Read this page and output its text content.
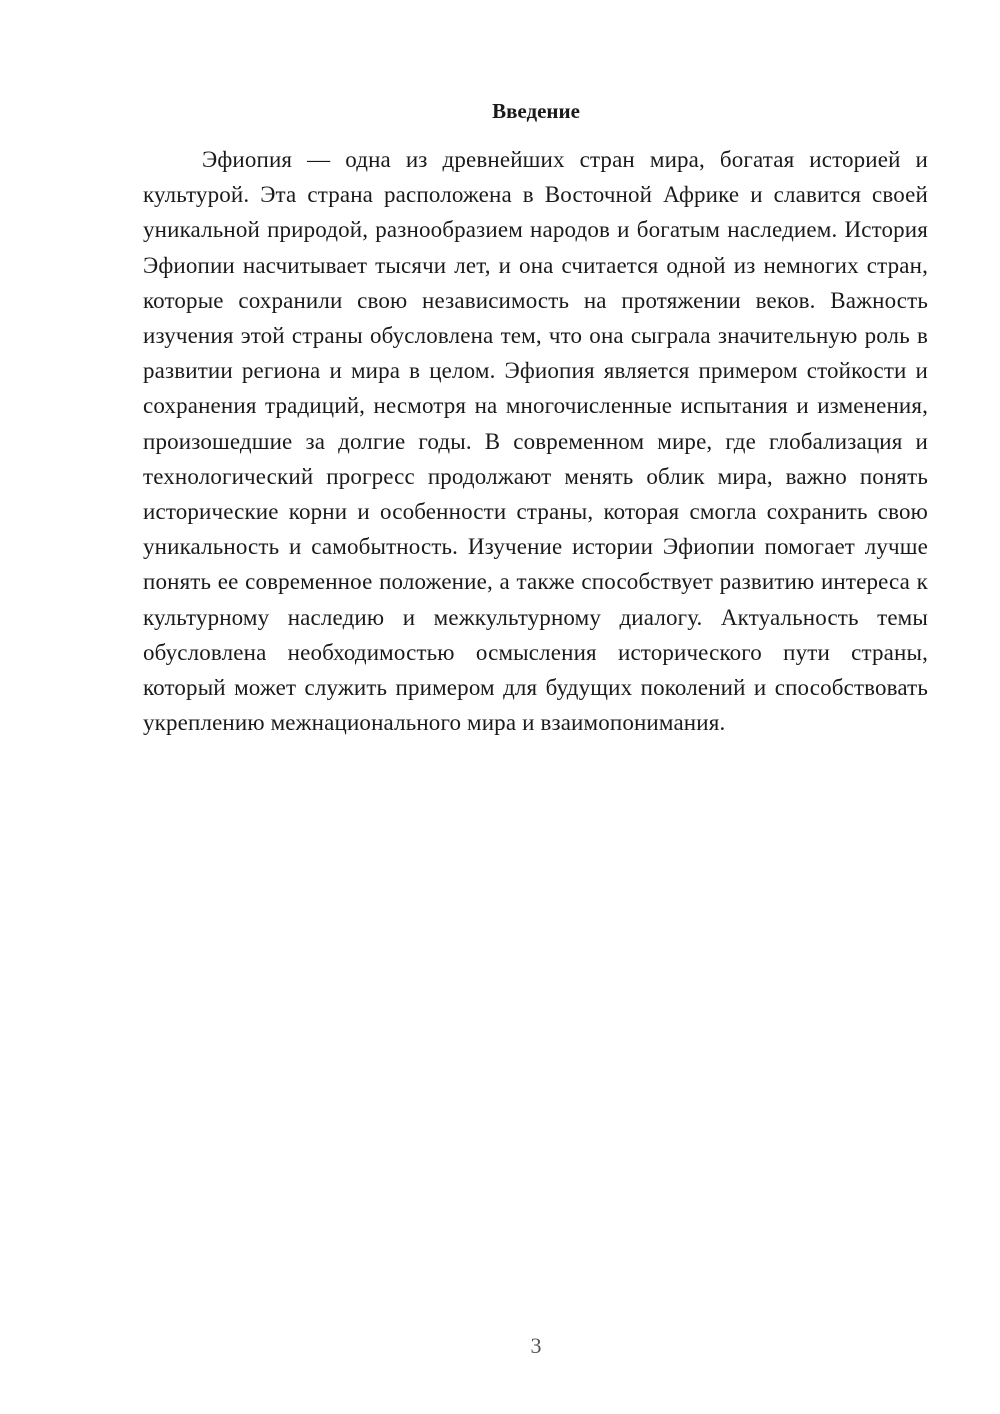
Введение

Эфиопия — одна из древнейших стран мира, богатая историей и культурой. Эта страна расположена в Восточной Африке и славится своей уникальной природой, разнообразием народов и богатым наследием. История Эфиопии насчитывает тысячи лет, и она считается одной из немногих стран, которые сохранили свою независимость на протяжении веков. Важность изучения этой страны обусловлена тем, что она сыграла значительную роль в развитии региона и мира в целом. Эфиопия является примером стойкости и сохранения традиций, несмотря на многочисленные испытания и изменения, произошедшие за долгие годы. В современном мире, где глобализация и технологический прогресс продолжают менять облик мира, важно понять исторические корни и особенности страны, которая смогла сохранить свою уникальность и самобытность. Изучение истории Эфиопии помогает лучше понять ее современное положение, а также способствует развитию интереса к культурному наследию и межкультурному диалогу. Актуальность темы обусловлена необходимостью осмысления исторического пути страны, который может служить примером для будущих поколений и способствовать укреплению межнационального мира и взаимопонимания.

3
